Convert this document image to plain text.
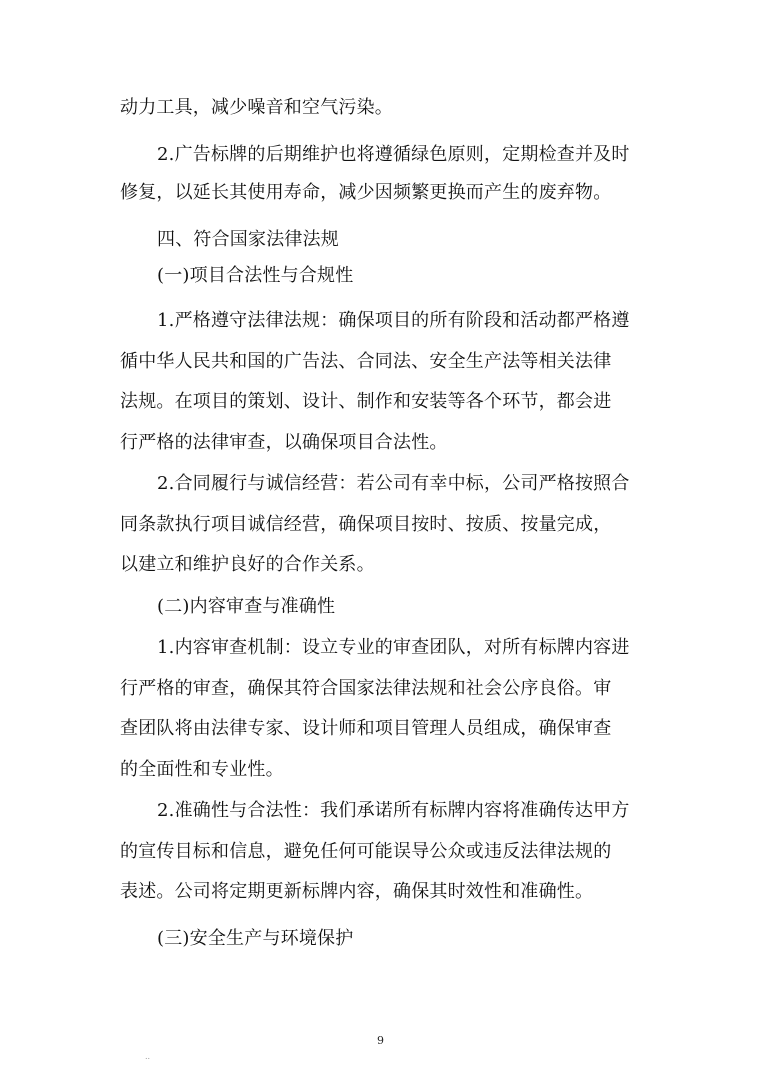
动力工具，减少噪音和空气污染。
2.广告标牌的后期维护也将遵循绿色原则，定期检查并及时
修复，以延长其使用寿命，减少因频繁更换而产生的废弃物。
四、符合国家法律法规
(一)项目合法性与合规性
1.严格遵守法律法规：确保项目的所有阶段和活动都严格遵
循中华人民共和国的广告法、合同法、安全生产法等相关法律
法规。在项目的策划、设计、制作和安装等各个环节，都会进
行严格的法律审查，以确保项目合法性。
2.合同履行与诚信经营：若公司有幸中标，公司严格按照合
同条款执行项目诚信经营，确保项目按时、按质、按量完成，
以建立和维护良好的合作关系。
(二)内容审查与准确性
1.内容审查机制：设立专业的审查团队，对所有标牌内容进
行严格的审查，确保其符合国家法律法规和社会公序良俗。审
查团队将由法律专家、设计师和项目管理人员组成，确保审查
的全面性和专业性。
2.准确性与合法性：我们承诺所有标牌内容将准确传达甲方
的宣传目标和信息，避免任何可能误导公众或违反法律法规的
表述。公司将定期更新标牌内容，确保其时效性和准确性。
(三)安全生产与环境保护
9
..
